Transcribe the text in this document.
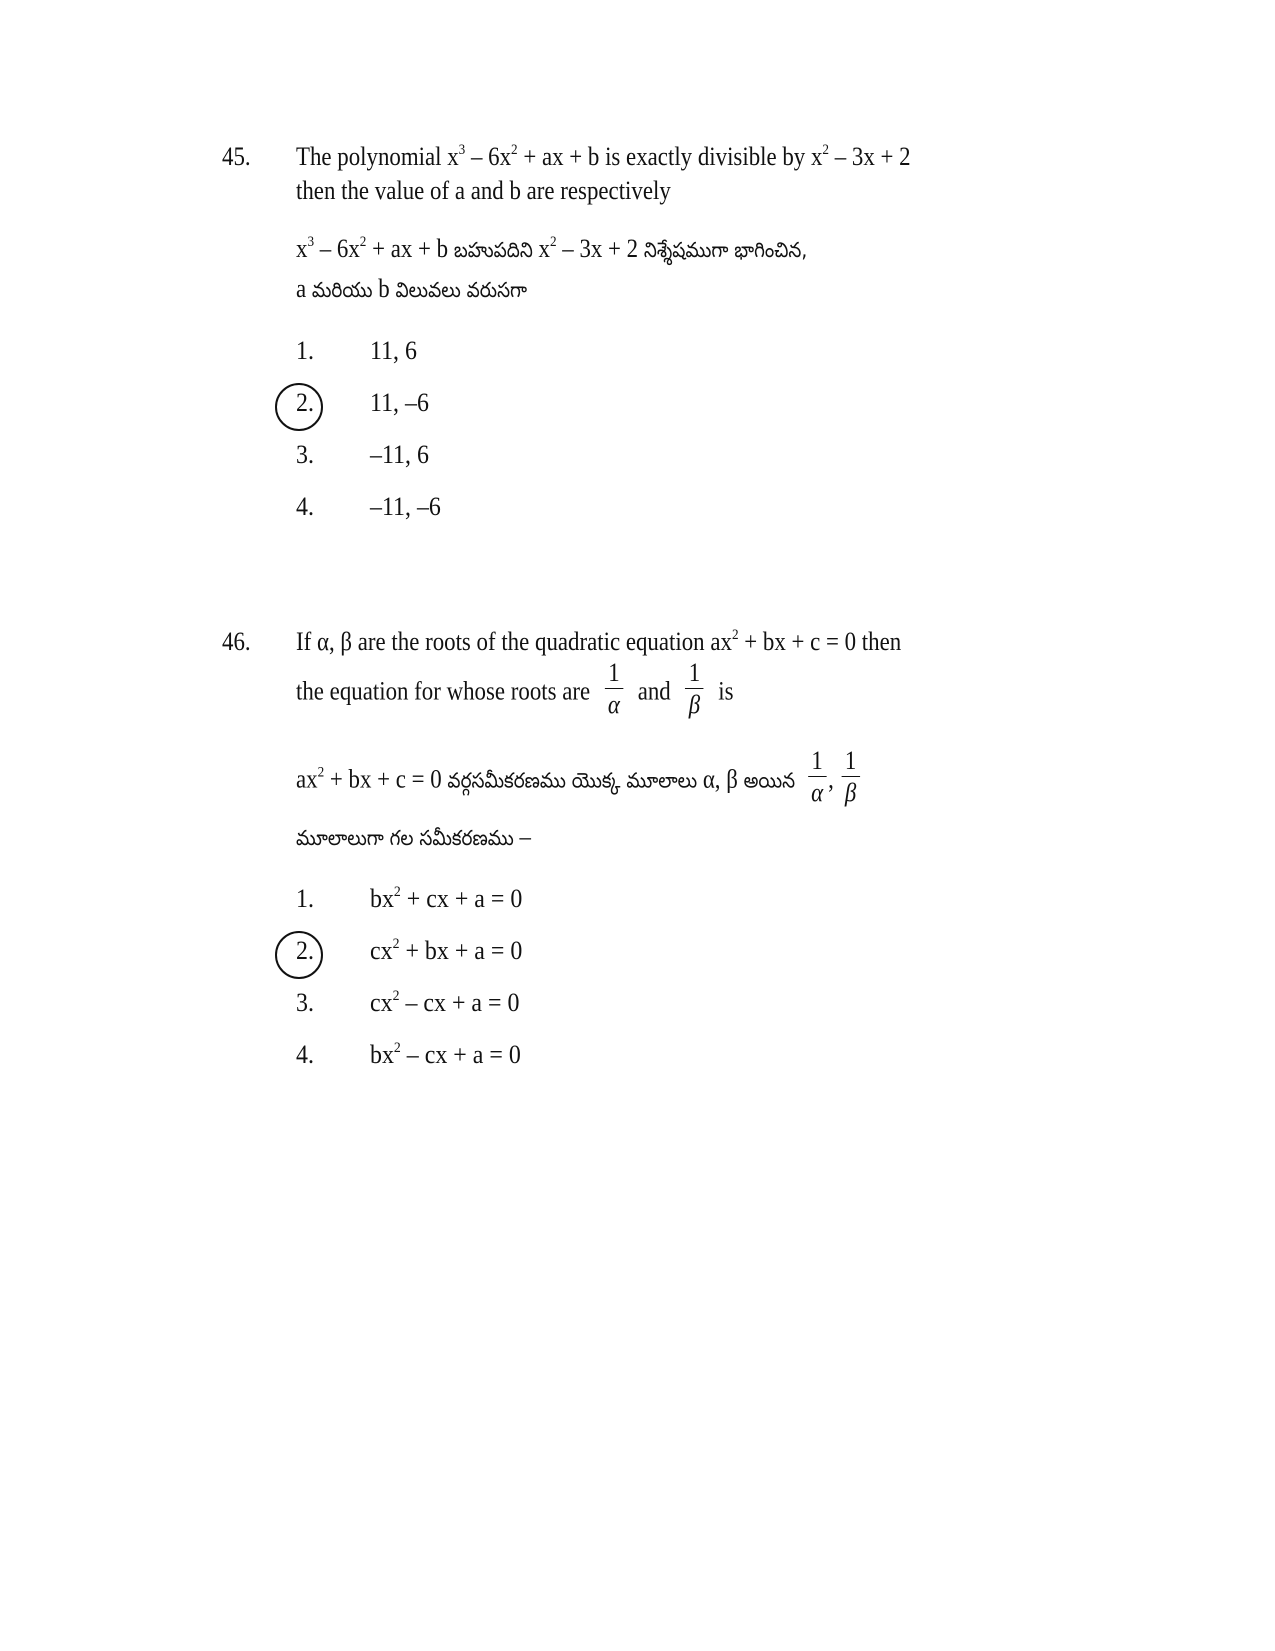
45. The polynomial $x^3 - 6x^2$ + ax + b is exactly divisible by $x^2 - 3x + 2$
then the value of a and b are respectively
$x^3 - 6x^2$ + ax + b బహుపదిని $x^2 - 3x + 2$ నిశ్శేషముగా భాగించిన,
a మరియు b విలువలు వరుసగా
1. 11, 6
2. 11, –6
3. –11, 6
4. –11, –6
46. If α, β are the roots of the quadratic equation $ax^2$ + bx + c = 0 then
the equation for whose roots are $\frac{1}{\alpha}$ and $\frac{1}{\beta}$ is
$ax^2$ + bx + c = 0 వర్గసమీకరణము యొక్క మూలాలు α, β అయిన $\frac{1}{\alpha}$ , $\frac{1}{\beta}$
మూలాలుగా గల సమీకరణము –
1. $bx^2$ + cx + a = 0
2. $cx^2$ + bx + a = 0
3. $cx^2$ – cx + a = 0
4. $bx^2$ – cx + a = 0
